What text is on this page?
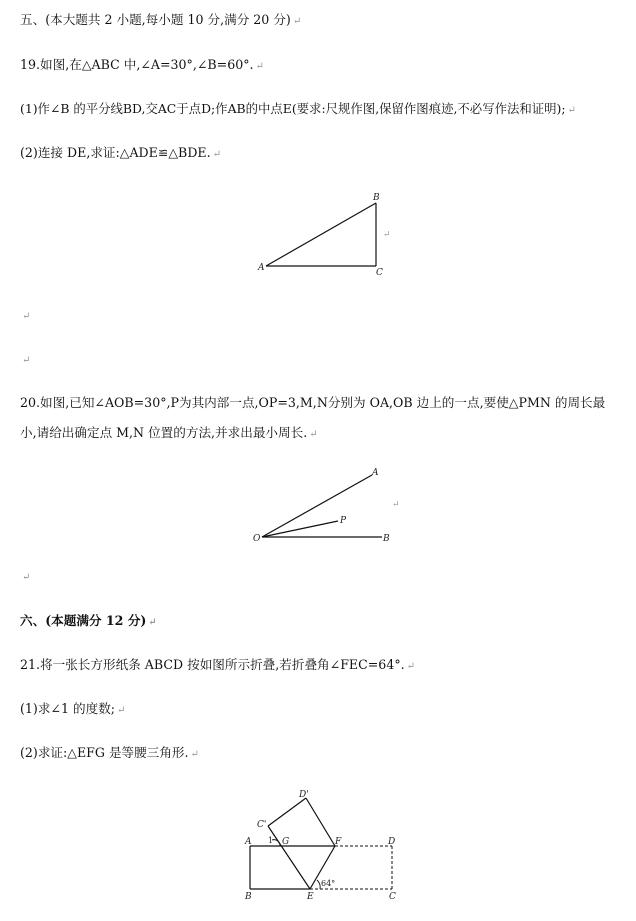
五、(本大题共 2 小题,每小题 10 分,满分 20 分) ↵
19.如图,在△ABC 中,∠A=30°,∠B=60°. ↵
(1)作∠B 的平分线BD,交AC于点D;作AB的中点E(要求:尺规作图,保留作图痕迹,不必写作法和证明); ↵
(2)连接 DE,求证:△ADE≌△BDE. ↵
A
B
C
↵
↵
↵
20.如图,已知∠AOB=30°,P为其内部一点,OP=3,M,N分别为 OA,OB 边上的一点,要使△PMN 的周长最
小,请给出确定点 M,N 位置的方法,并求出最小周长. ↵
O
A
B
P
↵
↵
六、(本题满分 12 分) ↵
21.将一张长方形纸条 ABCD 按如图所示折叠,若折叠角∠FEC=64°. ↵
(1)求∠1 的度数; ↵
(2)求证:△EFG 是等腰三角形. ↵
A
B	C
D
C'
D'
E
F
G
1
64°
